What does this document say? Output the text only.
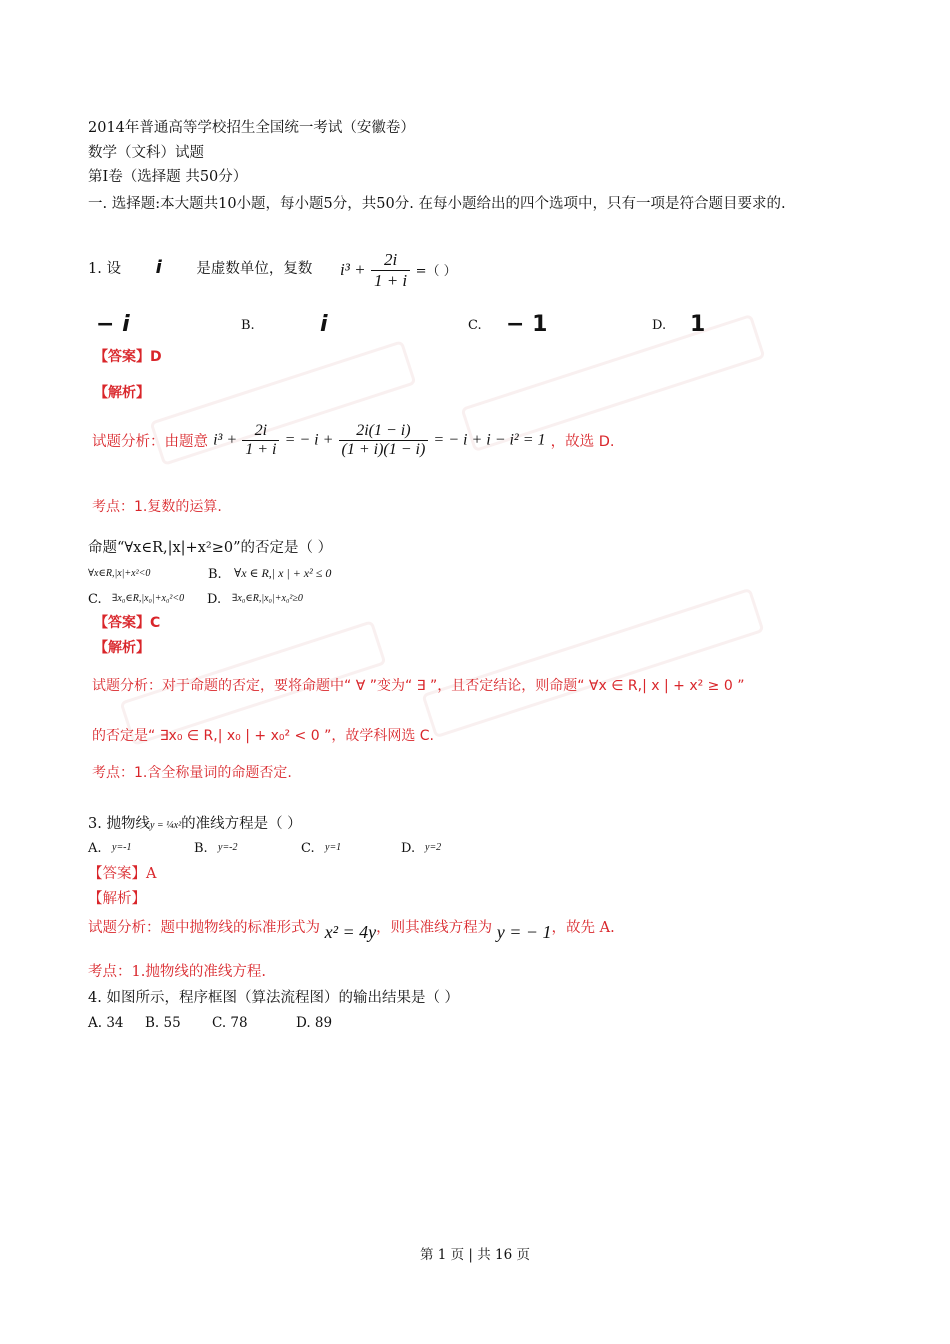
2014年普通高等学校招生全国统一考试（安徽卷）
数学（文科）试题
第Ⅰ卷（选择题 共50分）
一. 选择题:本大题共10小题，每小题5分，共50分. 在每小题给出的四个选项中，只有一项是符合题目要求的.
1. 设 i 是虚数单位，复数 $i^3 + \frac{2i}{1 + i}$ =（ ）
− i	B.	i	C. − 1	D. 1
【答案】D
【解析】
试题分析：由题意 $i^3 + \frac{2i}{1 + i}$ = − $i + \frac{2i(1 - i)}{(1 + i)(1 - i)}$ = − i + i − i² = 1 ，故选 D.
考点：1.复数的运算.
命题“∀x∈R,|x|+x²≥0”的否定是（ ）
∀x∈R,|x|+x²<0	B. ∀x ∈ R,| x | + x² ≤ 0
C. ∃x₀∈R,|x₀|+x₀²<0 D. ∃x₀∈R,|x₀|+x₀²≥0
【答案】C
【解析】
试题分析：对于命题的否定，要将命题中“ ∀ ”变为“ ∃ ”，且否定结论，则命题“ ∀x ∈ R,| x | + x² ≥ 0 ”
的否定是“ ∃x₀ ∈ R,| x₀ | + x₀² < 0 ”，故学科网选 C.
考点：1.含全称量词的命题否定.
3. 抛物线y = ¼x²的准线方程是（ ）
A. y=-1	B. y=-2	C. y=1	D. y=2
【答案】A
【解析】
试题分析：题中抛物线的标准形式为 x² = 4y，则其准线方程为 y = − 1，故先 A.
考点：1.抛物线的准线方程.
4. 如图所示，程序框图（算法流程图）的输出结果是（ ）
A. 34 B. 55 C. 78	D. 89
第 1 页 | 共 16 页
